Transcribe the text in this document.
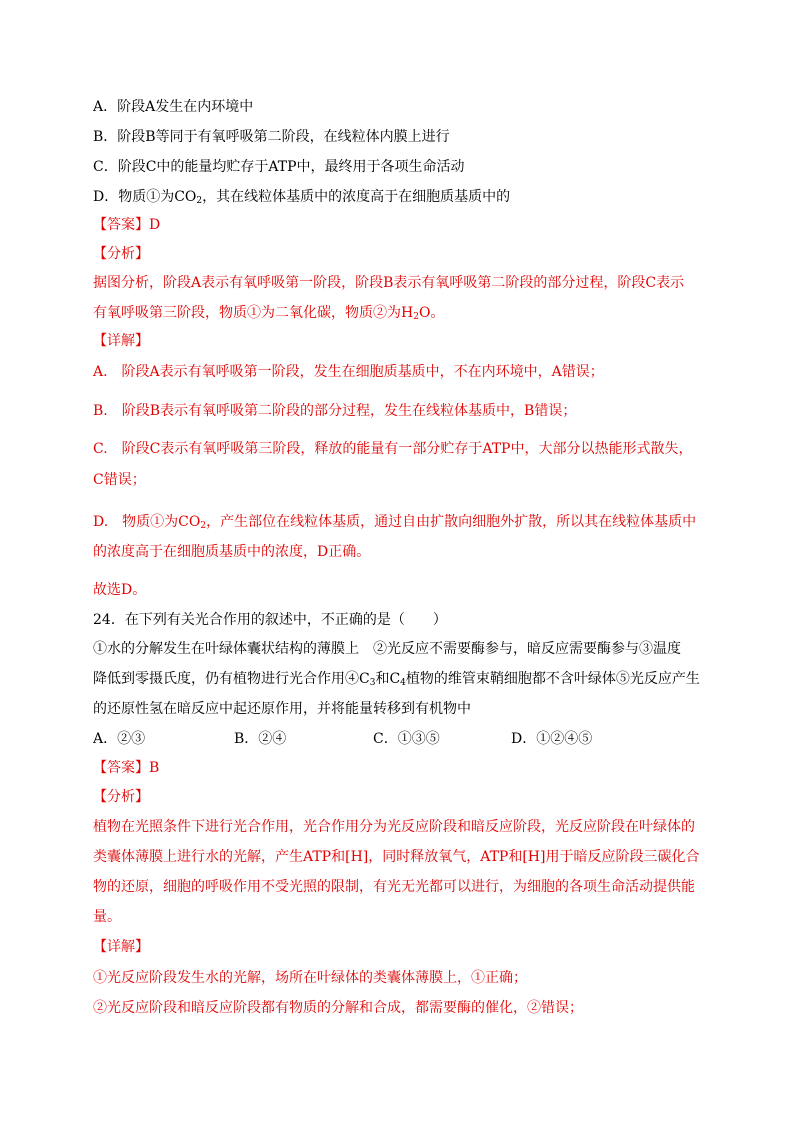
A．阶段A发生在内环境中
B．阶段B等同于有氧呼吸第二阶段，在线粒体内膜上进行
C．阶段C中的能量均贮存于ATP中，最终用于各项生命活动
D．物质①为$CO_2$，其在线粒体基质中的浓度高于在细胞质基质中的
【答案】D
【分析】
据图分析，阶段A表示有氧呼吸第一阶段，阶段B表示有氧呼吸第二阶段的部分过程，阶段C表示
有氧呼吸第三阶段，物质①为二氧化碳，物质②为$H_2O$。
【详解】
A.　阶段A表示有氧呼吸第一阶段，发生在细胞质基质中，不在内环境中，A错误；
B.　阶段B表示有氧呼吸第二阶段的部分过程，发生在线粒体基质中，B错误；
C.　阶段C表示有氧呼吸第三阶段，释放的能量有一部分贮存于ATP中，大部分以热能形式散失，
C错误；
D.　物质①为$CO_2$，产生部位在线粒体基质，通过自由扩散向细胞外扩散，所以其在线粒体基质中
的浓度高于在细胞质基质中的浓度，D正确。
故选D。
24．在下列有关光合作用的叙述中，不正确的是（　　）
①水的分解发生在叶绿体囊状结构的薄膜上　②光反应不需要酶参与，暗反应需要酶参与③温度
降低到零摄氏度，仍有植物进行光合作用$④C_3$和$C_4$植物的维管束鞘细胞都不含叶绿体⑤光反应产生
的还原性氢在暗反应中起还原作用，并将能量转移到有机物中
A．②③	B．②④	C．①③⑤	D．①②④⑤
【答案】B
【分析】
植物在光照条件下进行光合作用，光合作用分为光反应阶段和暗反应阶段，光反应阶段在叶绿体的
类囊体薄膜上进行水的光解，产生ATP和[H]，同时释放氧气，ATP和[H]用于暗反应阶段三碳化合
物的还原，细胞的呼吸作用不受光照的限制，有光无光都可以进行，为细胞的各项生命活动提供能
量。
【详解】
①光反应阶段发生水的光解，场所在叶绿体的类囊体薄膜上，①正确；
②光反应阶段和暗反应阶段都有物质的分解和合成，都需要酶的催化，②错误；
